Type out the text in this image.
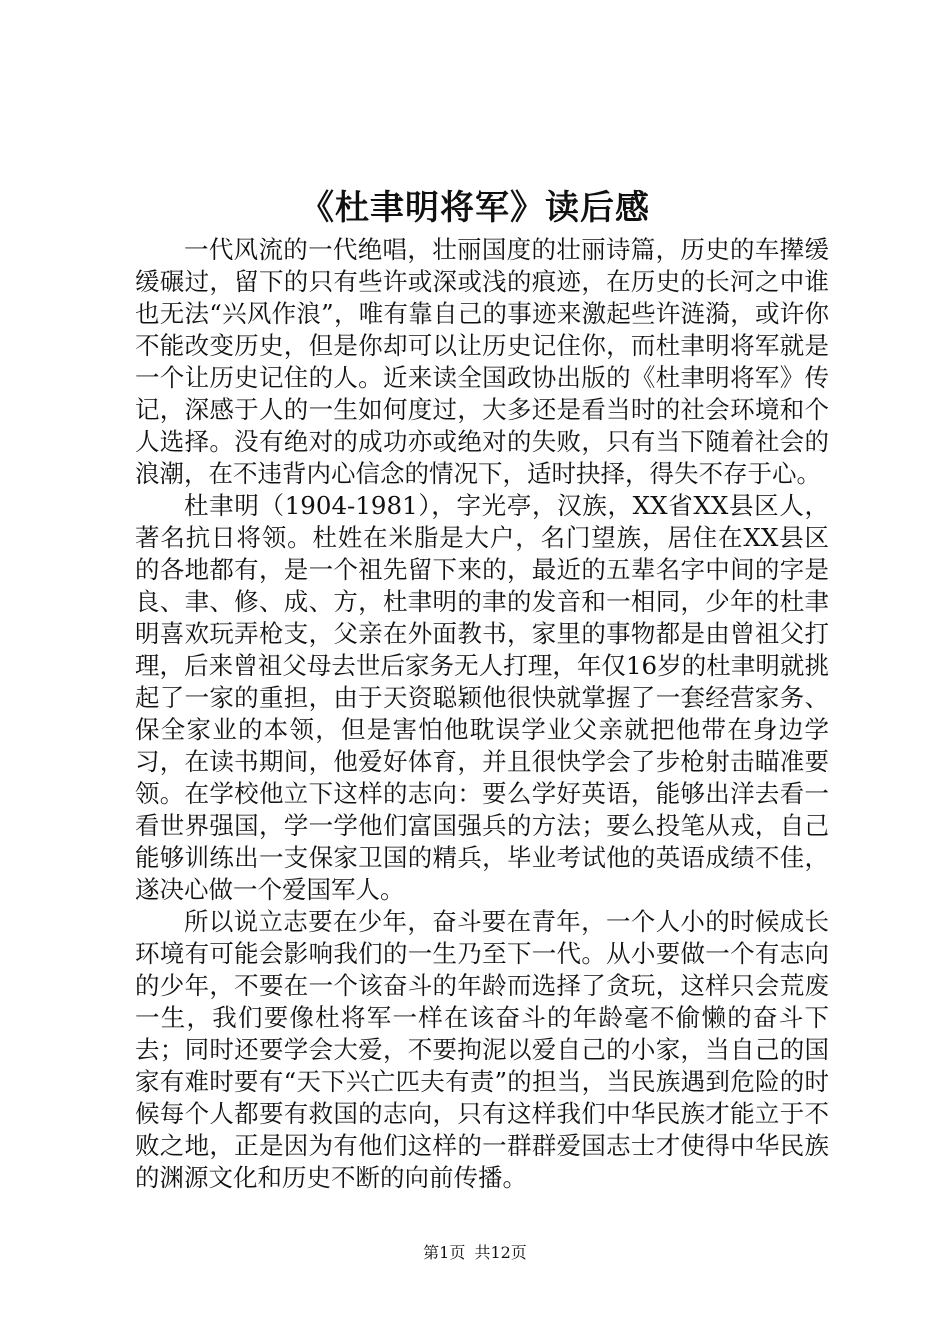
《杜聿明将军》读后感

一代风流的一代绝唱，壮丽国度的壮丽诗篇，历史的车撵缓缓碾过，留下的只有些许或深或浅的痕迹，在历史的长河之中谁也无法“兴风作浪”，唯有靠自己的事迹来激起些许涟漪，或许你不能改变历史，但是你却可以让历史记住你，而杜聿明将军就是一个让历史记住的人。近来读全国政协出版的《杜聿明将军》传记，深感于人的一生如何度过，大多还是看当时的社会环境和个人选择。没有绝对的成功亦或绝对的失败，只有当下随着社会的浪潮，在不违背内心信念的情况下，适时抉择，得失不存于心。

杜聿明（1904-1981），字光亭，汉族，XX省XX县区人，著名抗日将领。杜姓在米脂是大户，名门望族，居住在XX县区的各地都有，是一个祖先留下来的，最近的五辈名字中间的字是良、聿、修、成、方，杜聿明的聿的发音和一相同，少年的杜聿明喜欢玩弄枪支，父亲在外面教书，家里的事物都是由曾祖父打理，后来曾祖父母去世后家务无人打理，年仅16岁的杜聿明就挑起了一家的重担，由于天资聪颖他很快就掌握了一套经营家务、保全家业的本领，但是害怕他耽误学业父亲就把他带在身边学习，在读书期间，他爱好体育，并且很快学会了步枪射击瞄准要领。在学校他立下这样的志向：要么学好英语，能够出洋去看一看世界强国，学一学他们富国强兵的方法；要么投笔从戎，自己能够训练出一支保家卫国的精兵，毕业考试他的英语成绩不佳，遂决心做一个爱国军人。

所以说立志要在少年，奋斗要在青年，一个人小的时候成长环境有可能会影响我们的一生乃至下一代。从小要做一个有志向的少年，不要在一个该奋斗的年龄而选择了贪玩，这样只会荒废一生，我们要像杜将军一样在该奋斗的年龄毫不偷懒的奋斗下去；同时还要学会大爱，不要拘泥以爱自己的小家，当自己的国家有难时要有“天下兴亡匹夫有责”的担当，当民族遇到危险的时候每个人都要有救国的志向，只有这样我们中华民族才能立于不败之地，正是因为有他们这样的一群群爱国志士才使得中华民族的渊源文化和历史不断的向前传播。

第1页 共12页
